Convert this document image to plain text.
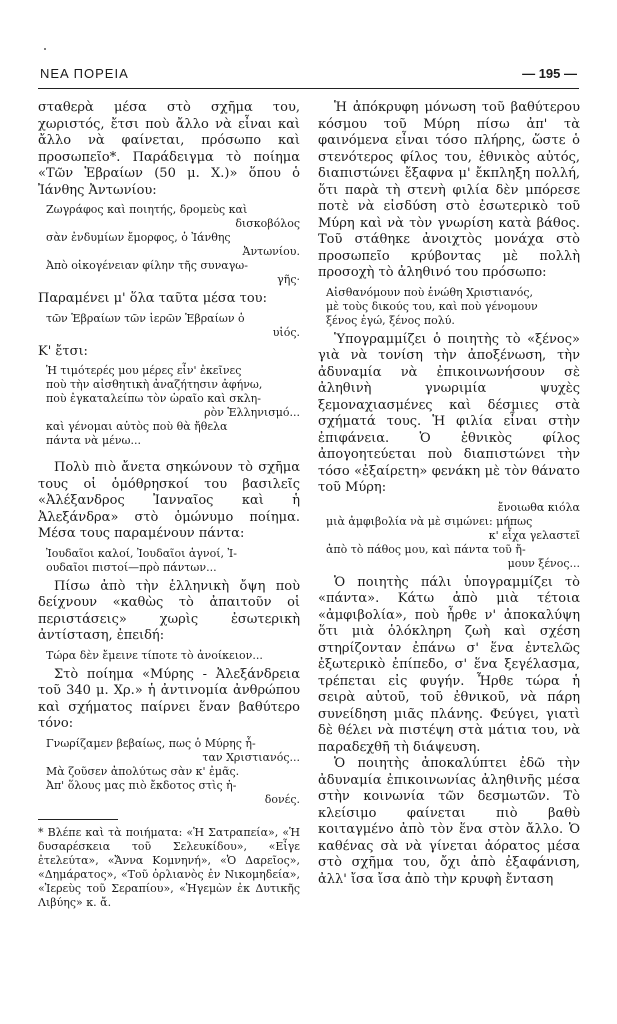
ΝΕΑ ΠΟΡΕΙΑ	— 195 —

σταθερὰ μέσα στὸ σχῆμα του, χωριστός, ἔτσι ποὺ ἄλλο νὰ εἶναι καὶ ἄλλο νὰ φαίνεται, πρόσωπο καὶ προσωπεῖο*. Παράδειγμα τὸ ποίημα «Τῶν Ἑβραίων (50 μ. Χ.)» ὅπου ὁ Ἰάνθης Ἀντωνίου:

Ζωγράφος καὶ ποιητής, δρομεὺς καὶ
δισκοβόλος
σὰν ἐνδυμίων ἔμορφος, ὁ Ἰάνθης
Ἀντωνίου.
Ἀπὸ οἰκογένειαν φίλην τῆς συναγω-
γῆς·

Παραμένει μ' ὅλα ταῦτα μέσα του:

τῶν Ἑβραίων τῶν ἱερῶν Ἑβραίων ὁ
υἱός.

Κ' ἔτσι:

Ἡ τιμότερές μου μέρες εἶν' ἐκεῖνες
ποὺ τὴν αἰσθητικὴ ἀναζήτησιν ἀφήνω,
ποὺ ἐγκαταλείπω τὸν ὡραῖο καὶ σκλη-
ρὸν Ἑλληνισμό...
καὶ γένομαι αὐτὸς ποὺ θὰ ἤθελα
πάντα νὰ μένω...

Πολὺ πιὸ ἄνετα σηκώνουν τὸ σχῆμα τους οἱ ὁμόθρησκοί του βασιλεῖς «Ἀλέξανδρος Ἰανναῖος καὶ ἡ Ἀλεξάνδρα» στὸ ὁμώνυμο ποίημα. Μέσα τους παραμένουν πάντα:

Ἰουδαῖοι καλοί, Ἰουδαῖοι ἁγνοί, Ἰ-
ουδαῖοι πιστοί—πρὸ πάντων...

Πίσω ἀπὸ τὴν ἑλληνικὴ ὄψη ποὺ δείχνουν «καθὼς τὸ ἀπαιτοῦν οἱ περιστάσεις» χωρὶς ἐσωτερικὴ ἀντίσταση, ἐπειδή:

Τώρα δὲν ἔμεινε τίποτε τὸ ἀνοίκειον...

Στὸ ποίημα «Μύρης - Ἀλεξάνδρεια τοῦ 340 μ. Χρ.» ἡ ἀντινομία ἀνθρώπου καὶ σχήματος παίρνει ἕναν βαθύτερο τόνο:

Γνωρίζαμεν βεβαίως, πως ὁ Μύρης ἦ-
ταν Χριστιανός...
Μὰ ζοῦσεν ἀπολύτως σὰν κ' ἐμᾶς.
Ἀπ' ὅλους μας πιὸ ἔκδοτος στὶς ἡ-
δονές.
* Βλέπε καὶ τὰ ποιήματα: «Ἡ Σατραπεία», «Ἡ δυσαρέσκεια τοῦ Σελευκίδου», «Εἶγε ἐτελεύτα», «Ἄννα Κομνηνή», «Ὁ Δαρεῖος», «Δημάρατος», «Τοῦ ὀρλιανὸς ἐν Νικομηδεία», «Ἱερεὺς τοῦ Σεραπίου», «Ἡγεμὼν ἐκ Δυτικῆς Λιβύης» κ. ἄ.

Ἡ ἀπόκρυφη μόνωση τοῦ βαθύτερου κόσμου τοῦ Μύρη πίσω ἀπ' τὰ φαινόμενα εἶναι τόσο πλήρης, ὥστε ὁ στενότερος φίλος του, ἐθνικὸς αὐτός, διαπιστώνει ἔξαφνα μ' ἔκπληξη πολλή, ὅτι παρὰ τὴ στενὴ φιλία δὲν μπόρεσε ποτὲ νὰ εἰσδύση στὸ ἐσωτερικὸ τοῦ Μύρη καὶ νὰ τὸν γνωρίση κατὰ βάθος. Τοῦ στάθηκε ἀνοιχτὸς μονάχα στὸ προσωπεῖο κρύβοντας μὲ πολλὴ προσοχὴ τὸ ἀληθινό του πρόσωπο:

Αἰσθανόμουν ποὺ ἑνώθη Χριστιανός,
μὲ τοὺς δικούς του, καὶ ποὺ γένομουν
ξένος ἐγώ, ξένος πολύ.

Ὑπογραμμίζει ὁ ποιητὴς τὸ «ξένος» γιὰ νὰ τονίση τὴν ἀποξένωση, τὴν ἀδυναμία νὰ ἐπικοινωνήσουν σὲ ἀληθινὴ γνωριμία ψυχὲς ξεμοναχιασμένες καὶ δέσμιες στὰ σχήματά τους. Ἡ φιλία εἶναι στὴν ἐπιφάνεια. Ὁ ἐθνικὸς φίλος ἀπογοητεύεται ποὺ διαπιστώνει τὴν τόσο «ἐξαίρετη» φενάκη μὲ τὸν θάνατο τοῦ Μύρη:

ἔνοιωθα κιόλα
μιὰ ἀμφιβολία νὰ μὲ σιμώνει: μήπως
κ' εἶχα γελαστεῖ
ἀπὸ τὸ πάθος μου, καὶ πάντα τοῦ ἤ-
μουν ξένος...

Ὁ ποιητὴς πάλι ὑπογραμμίζει τὸ «πάντα». Κάτω ἀπὸ μιὰ τέτοια «ἀμφιβολία», ποὺ ἦρθε ν' ἀποκαλύψη ὅτι μιὰ ὁλόκληρη ζωὴ καὶ σχέση στηρίζονταν ἐπάνω σ' ἕνα ἐντελῶς ἐξωτερικὸ ἐπίπεδο, σ' ἕνα ξεγέλασμα, τρέπεται εἰς φυγήν. Ἦρθε τώρα ἡ σειρὰ αὐτοῦ, τοῦ ἐθνικοῦ, νὰ πάρη συνείδηση μιᾶς πλάνης. Φεύγει, γιατὶ δὲ θέλει νὰ πιστέψη στὰ μάτια του, νὰ παραδεχθῆ τὴ διάψευση.

Ὁ ποιητὴς ἀποκαλύπτει ἐδῶ τὴν ἀδυναμία ἐπικοινωνίας ἀληθινῆς μέσα στὴν κοινωνία τῶν δεσμωτῶν. Τὸ κλείσιμο φαίνεται πιὸ βαθὺ κοιταγμένο ἀπὸ τὸν ἕνα στὸν ἄλλο. Ὁ καθένας σὰ νὰ γίνεται ἀόρατος μέσα στὸ σχῆμα του, ὄχι ἀπὸ ἐξαφάνιση, ἀλλ' ἴσα ἴσα ἀπὸ τὴν κρυφὴ ἔνταση
